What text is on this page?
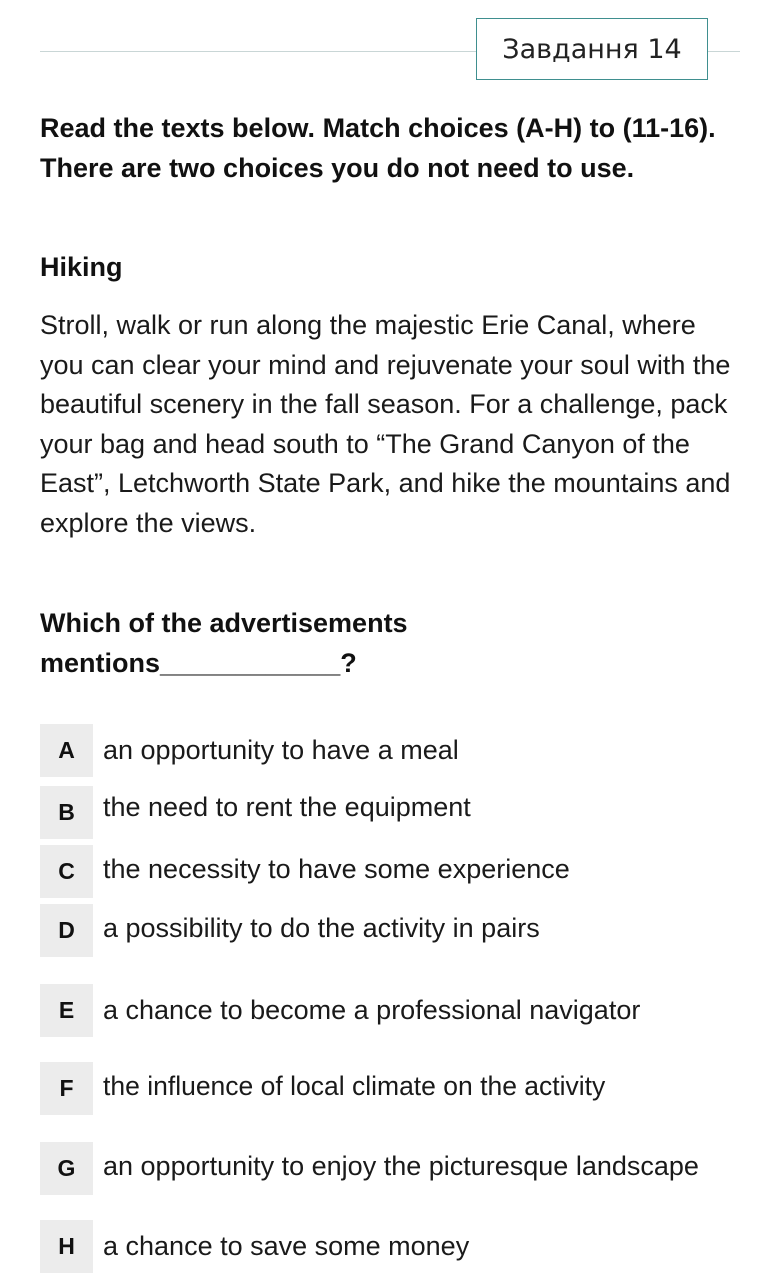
Завдання 14

Read the texts below. Match choices (A-H) to (11-16). There are two choices you do not need to use.

Hiking

Stroll, walk or run along the majestic Erie Canal, where you can clear your mind and rejuvenate your soul with the beautiful scenery in the fall season. For a challenge, pack your bag and head south to “The Grand Canyon of the East”, Letchworth State Park, and hike the mountains and explore the views.

Which of the advertisements mentions____________?

A	an opportunity to have a meal
B	the need to rent the equipment
C	the necessity to have some experience
D	a possibility to do the activity in pairs
E	a chance to become a professional navigator
F	the influence of local climate on the activity
G	an opportunity to enjoy the picturesque landscape
H	a chance to save some money
